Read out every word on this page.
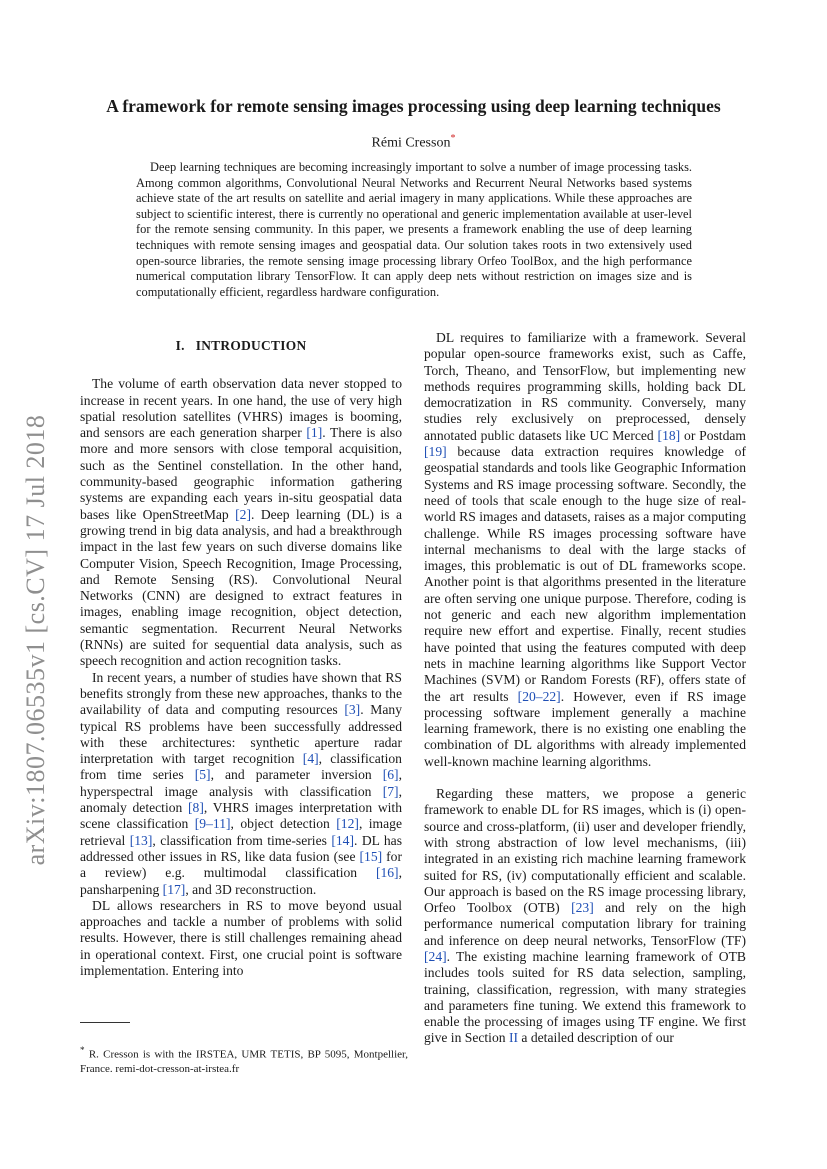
arXiv:1807.06535v1 [cs.CV] 17 Jul 2018
A framework for remote sensing images processing using deep learning techniques
Rémi Cresson*

Deep learning techniques are becoming increasingly important to solve a number of image processing tasks. Among common algorithms, Convolutional Neural Networks and Recurrent Neural Networks based systems achieve state of the art results on satellite and aerial imagery in many applications. While these approaches are subject to scientific interest, there is currently no operational and generic implementation available at user-level for the remote sensing community. In this paper, we presents a framework enabling the use of deep learning techniques with remote sensing images and geospatial data. Our solution takes roots in two extensively used open-source libraries, the remote sensing image processing library Orfeo ToolBox, and the high performance numerical computation library TensorFlow. It can apply deep nets without restriction on images size and is computationally efficient, regardless hardware configuration.

I. INTRODUCTION

The volume of earth observation data never stopped to increase in recent years. In one hand, the use of very high spatial resolution satellites (VHRS) images is booming, and sensors are each generation sharper [1]. There is also more and more sensors with close temporal acquisition, such as the Sentinel constellation. In the other hand, community-based geographic information gathering systems are expanding each years in-situ geospatial data bases like OpenStreetMap [2]. Deep learning (DL) is a growing trend in big data analysis, and had a breakthrough impact in the last few years on such diverse domains like Computer Vision, Speech Recognition, Image Processing, and Remote Sensing (RS). Convolutional Neural Networks (CNN) are designed to extract features in images, enabling image recognition, object detection, semantic segmentation. Recurrent Neural Networks (RNNs) are suited for sequential data analysis, such as speech recognition and action recognition tasks.

In recent years, a number of studies have shown that RS benefits strongly from these new approaches, thanks to the availability of data and computing resources [3]. Many typical RS problems have been successfully addressed with these architectures: synthetic aperture radar interpretation with target recognition [4], classification from time series [5], and parameter inversion [6], hyperspectral image analysis with classification [7], anomaly detection [8], VHRS images interpretation with scene classification [9–11], object detection [12], image retrieval [13], classification from time-series [14]. DL has addressed other issues in RS, like data fusion (see [15] for a review) e.g. multimodal classification [16], pansharpening [17], and 3D reconstruction.

DL allows researchers in RS to move beyond usual approaches and tackle a number of problems with solid results. However, there is still challenges remaining ahead in operational context. First, one crucial point is software implementation. Entering into

DL requires to familiarize with a framework. Several popular open-source frameworks exist, such as Caffe, Torch, Theano, and TensorFlow, but implementing new methods requires programming skills, holding back DL democratization in RS community. Conversely, many studies rely exclusively on preprocessed, densely annotated public datasets like UC Merced [18] or Postdam [19] because data extraction requires knowledge of geospatial standards and tools like Geographic Information Systems and RS image processing software. Secondly, the need of tools that scale enough to the huge size of real-world RS images and datasets, raises as a major computing challenge. While RS images processing software have internal mechanisms to deal with the large stacks of images, this problematic is out of DL frameworks scope. Another point is that algorithms presented in the literature are often serving one unique purpose. Therefore, coding is not generic and each new algorithm implementation require new effort and expertise. Finally, recent studies have pointed that using the features computed with deep nets in machine learning algorithms like Support Vector Machines (SVM) or Random Forests (RF), offers state of the art results [20–22]. However, even if RS image processing software implement generally a machine learning framework, there is no existing one enabling the combination of DL algorithms with already implemented well-known machine learning algorithms.

Regarding these matters, we propose a generic framework to enable DL for RS images, which is (i) open-source and cross-platform, (ii) user and developer friendly, with strong abstraction of low level mechanisms, (iii) integrated in an existing rich machine learning framework suited for RS, (iv) computationally efficient and scalable. Our approach is based on the RS image processing library, Orfeo Toolbox (OTB) [23] and rely on the high performance numerical computation library for training and inference on deep neural networks, TensorFlow (TF) [24]. The existing machine learning framework of OTB includes tools suited for RS data selection, sampling, training, classification, regression, with many strategies and parameters fine tuning. We extend this framework to enable the processing of images using TF engine. We first give in Section II a detailed description of our

* R. Cresson is with the IRSTEA, UMR TETIS, BP 5095, Montpellier, France. remi-dot-cresson-at-irstea.fr
